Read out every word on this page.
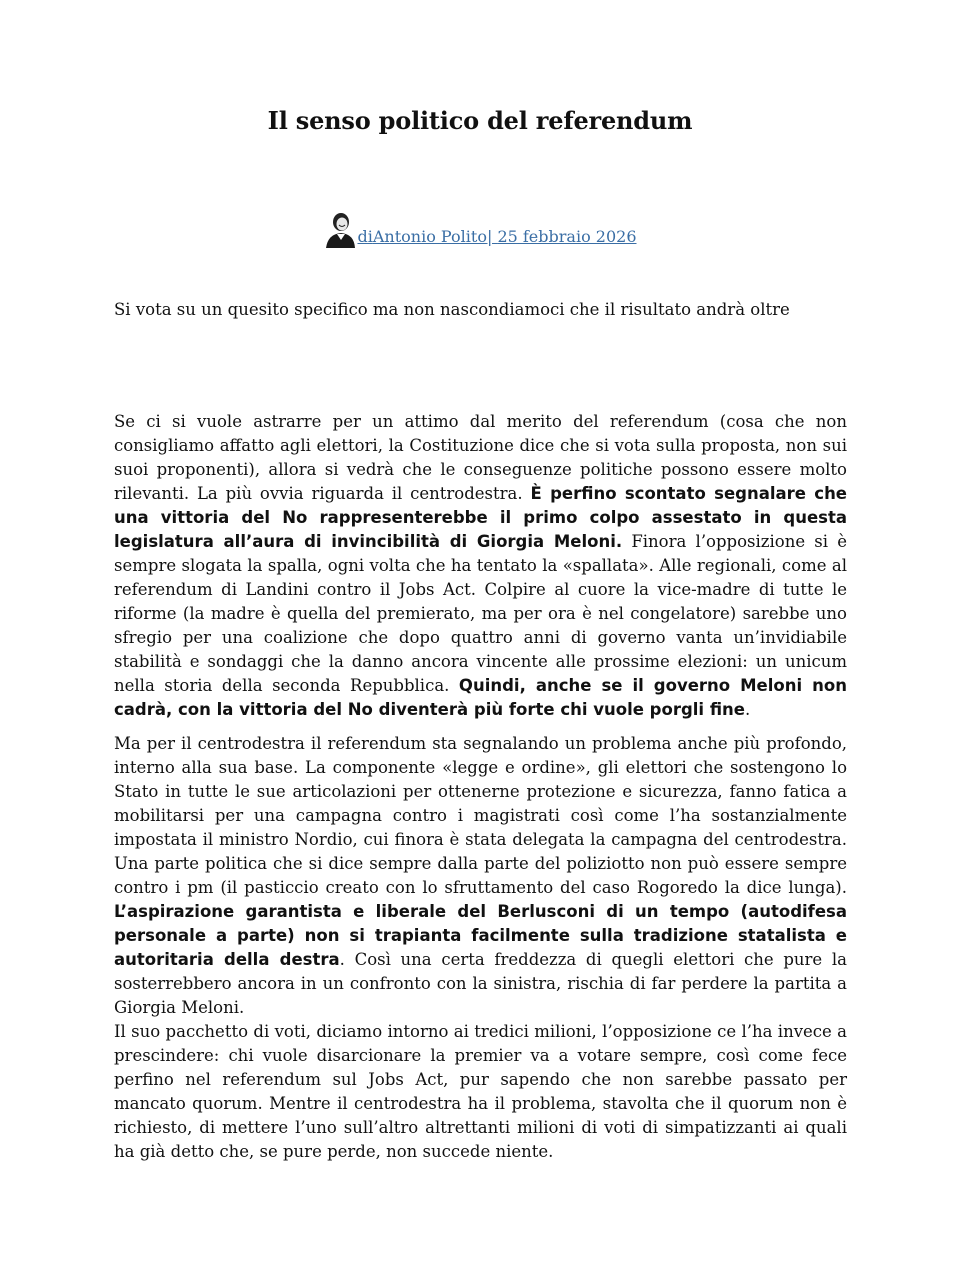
Il senso politico del referendum
diAntonio Polito| 25 febbraio 2026

Si vota su un quesito specifico ma non nascondiamoci che il risultato andrà oltre

Se ci si vuole astrarre per un attimo dal merito del referendum (cosa che non consigliamo affatto agli elettori, la Costituzione dice che si vota sulla proposta, non sui suoi proponenti), allora si vedrà che le conseguenze politiche possono essere molto rilevanti. La più ovvia riguarda il centrodestra. È perfino scontato segnalare che una vittoria del No rappresenterebbe il primo colpo assestato in questa legislatura all’aura di invincibilità di Giorgia Meloni. Finora l’opposizione si è sempre slogata la spalla, ogni volta che ha tentato la «spallata». Alle regionali, come al referendum di Landini contro il Jobs Act. Colpire al cuore la vice-madre di tutte le riforme (la madre è quella del premierato, ma per ora è nel congelatore) sarebbe uno sfregio per una coalizione che dopo quattro anni di governo vanta un’invidiabile stabilità e sondaggi che la danno ancora vincente alle prossime elezioni: un unicum nella storia della seconda Repubblica. Quindi, anche se il governo Meloni non cadrà, con la vittoria del No diventerà più forte chi vuole porgli fine.

Ma per il centrodestra il referendum sta segnalando un problema anche più profondo, interno alla sua base. La componente «legge e ordine», gli elettori che sostengono lo Stato in tutte le sue articolazioni per ottenerne protezione e sicurezza, fanno fatica a mobilitarsi per una campagna contro i magistrati così come l’ha sostanzialmente impostata il ministro Nordio, cui finora è stata delegata la campagna del centrodestra. Una parte politica che si dice sempre dalla parte del poliziotto non può essere sempre contro i pm (il pasticcio creato con lo sfruttamento del caso Rogoredo la dice lunga). L’aspirazione garantista e liberale del Berlusconi di un tempo (autodifesa personale a parte) non si trapianta facilmente sulla tradizione statalista e autoritaria della destra. Così una certa freddezza di quegli elettori che pure la sosterrebbero ancora in un confronto con la sinistra, rischia di far perdere la partita a Giorgia Meloni.

Il suo pacchetto di voti, diciamo intorno ai tredici milioni, l’opposizione ce l’ha invece a prescindere: chi vuole disarcionare la premier va a votare sempre, così come fece perfino nel referendum sul Jobs Act, pur sapendo che non sarebbe passato per mancato quorum. Mentre il centrodestra ha il problema, stavolta che il quorum non è richiesto, di mettere l’uno sull’altro altrettanti milioni di voti di simpatizzanti ai quali ha già detto che, se pure perde, non succede niente.
